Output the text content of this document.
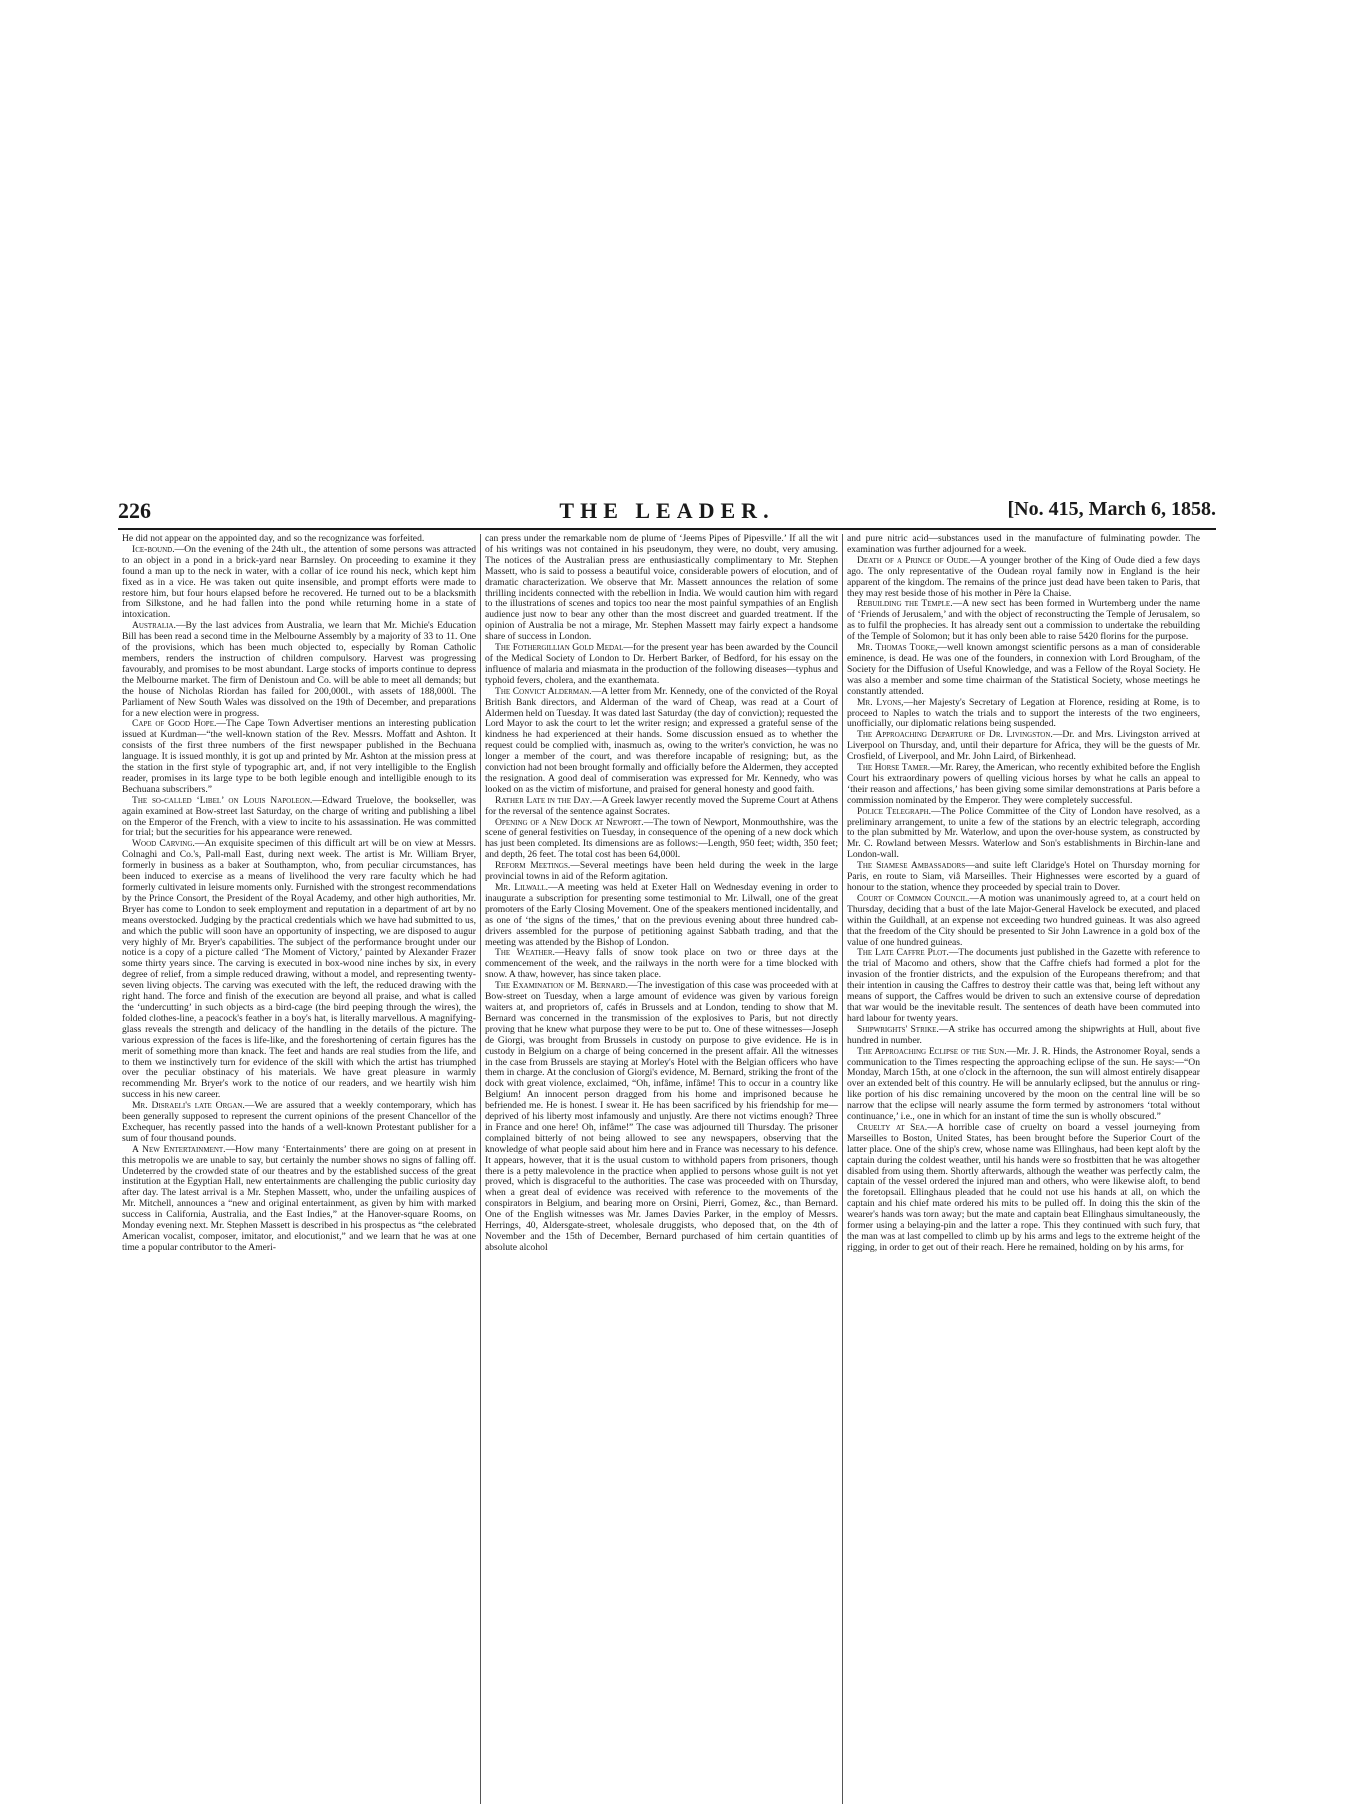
226	THE LEADER.	[No. 415, March 6, 1858.

He did not appear on the appointed day, and so the recognizance was forfeited.

Ice-bound.—On the evening of the 24th ult., the attention of some persons was attracted to an object in a pond in a brick-yard near Barnsley. On proceeding to examine it they found a man up to the neck in water, with a collar of ice round his neck, which kept him fixed as in a vice. He was taken out quite insensible, and prompt efforts were made to restore him, but four hours elapsed before he recovered. He turned out to be a blacksmith from Silkstone, and he had fallen into the pond while returning home in a state of intoxication.

Australia.—By the last advices from Australia, we learn that Mr. Michie's Education Bill has been read a second time in the Melbourne Assembly by a majority of 33 to 11. One of the provisions, which has been much objected to, especially by Roman Catholic members, renders the instruction of children compulsory. Harvest was progressing favourably, and promises to be most abundant. Large stocks of imports continue to depress the Melbourne market. The firm of Denistoun and Co. will be able to meet all demands; but the house of Nicholas Riordan has failed for 200,000l., with assets of 188,000l. The Parliament of New South Wales was dissolved on the 19th of December, and preparations for a new election were in progress.

Cape of Good Hope.—The Cape Town Advertiser mentions an interesting publication issued at Kurdman—“the well-known station of the Rev. Messrs. Moffatt and Ashton. It consists of the first three numbers of the first newspaper published in the Bechuana language. It is issued monthly, it is got up and printed by Mr. Ashton at the mission press at the station in the first style of typographic art, and, if not very intelligible to the English reader, promises in its large type to be both legible enough and intelligible enough to its Bechuana subscribers.”

The so-called ‘Libel’ on Louis Napoleon.—Edward Truelove, the bookseller, was again examined at Bow-street last Saturday, on the charge of writing and publishing a libel on the Emperor of the French, with a view to incite to his assassination. He was committed for trial; but the securities for his appearance were renewed.

Wood Carving.—An exquisite specimen of this difficult art will be on view at Messrs. Colnaghi and Co.'s, Pall-mall East, during next week. The artist is Mr. William Bryer, formerly in business as a baker at Southampton, who, from peculiar circumstances, has been induced to exercise as a means of livelihood the very rare faculty which he had formerly cultivated in leisure moments only. Furnished with the strongest recommendations by the Prince Consort, the President of the Royal Academy, and other high authorities, Mr. Bryer has come to London to seek employment and reputation in a department of art by no means overstocked. Judging by the practical credentials which we have had submitted to us, and which the public will soon have an opportunity of inspecting, we are disposed to augur very highly of Mr. Bryer's capabilities. The subject of the performance brought under our notice is a copy of a picture called ‘The Moment of Victory,’ painted by Alexander Frazer some thirty years since. The carving is executed in box-wood nine inches by six, in every degree of relief, from a simple reduced drawing, without a model, and representing twenty-seven living objects. The carving was executed with the left, the reduced drawing with the right hand. The force and finish of the execution are beyond all praise, and what is called the ‘undercutting’ in such objects as a bird-cage (the bird peeping through the wires), the folded clothes-line, a peacock's feather in a boy's hat, is literally marvellous. A magnifying-glass reveals the strength and delicacy of the handling in the details of the picture. The various expression of the faces is life-like, and the foreshortening of certain figures has the merit of something more than knack. The feet and hands are real studies from the life, and to them we instinctively turn for evidence of the skill with which the artist has triumphed over the peculiar obstinacy of his materials. We have great pleasure in warmly recommending Mr. Bryer's work to the notice of our readers, and we heartily wish him success in his new career.

Mr. Disraeli's late Organ.—We are assured that a weekly contemporary, which has been generally supposed to represent the current opinions of the present Chancellor of the Exchequer, has recently passed into the hands of a well-known Protestant publisher for a sum of four thousand pounds.

A New Entertainment.—How many ‘Entertainments’ there are going on at present in this metropolis we are unable to say, but certainly the number shows no signs of falling off. Undeterred by the crowded state of our theatres and by the established success of the great institution at the Egyptian Hall, new entertainments are challenging the public curiosity day after day. The latest arrival is a Mr. Stephen Massett, who, under the unfailing auspices of Mr. Mitchell, announces a “new and original entertainment, as given by him with marked success in California, Australia, and the East Indies,” at the Hanover-square Rooms, on Monday evening next. Mr. Stephen Massett is described in his prospectus as “the celebrated American vocalist, composer, imitator, and elocutionist,” and we learn that he was at one time a popular contributor to the Ameri-

can press under the remarkable nom de plume of ‘Jeems Pipes of Pipesville.’ If all the wit of his writings was not contained in his pseudonym, they were, no doubt, very amusing. The notices of the Australian press are enthusiastically complimentary to Mr. Stephen Massett, who is said to possess a beautiful voice, considerable powers of elocution, and of dramatic characterization. We observe that Mr. Massett announces the relation of some thrilling incidents connected with the rebellion in India. We would caution him with regard to the illustrations of scenes and topics too near the most painful sympathies of an English audience just now to bear any other than the most discreet and guarded treatment. If the opinion of Australia be not a mirage, Mr. Stephen Massett may fairly expect a handsome share of success in London.

The Fothergillian Gold Medal—for the present year has been awarded by the Council of the Medical Society of London to Dr. Herbert Barker, of Bedford, for his essay on the influence of malaria and miasmata in the production of the following diseases—typhus and typhoid fevers, cholera, and the exanthemata.

The Convict Alderman.—A letter from Mr. Kennedy, one of the convicted of the Royal British Bank directors, and Alderman of the ward of Cheap, was read at a Court of Aldermen held on Tuesday. It was dated last Saturday (the day of conviction); requested the Lord Mayor to ask the court to let the writer resign; and expressed a grateful sense of the kindness he had experienced at their hands. Some discussion ensued as to whether the request could be complied with, inasmuch as, owing to the writer's conviction, he was no longer a member of the court, and was therefore incapable of resigning; but, as the conviction had not been brought formally and officially before the Aldermen, they accepted the resignation. A good deal of commiseration was expressed for Mr. Kennedy, who was looked on as the victim of misfortune, and praised for general honesty and good faith.

Rather Late in the Day.—A Greek lawyer recently moved the Supreme Court at Athens for the reversal of the sentence against Socrates.

Opening of a New Dock at Newport.—The town of Newport, Monmouthshire, was the scene of general festivities on Tuesday, in consequence of the opening of a new dock which has just been completed. Its dimensions are as follows:—Length, 950 feet; width, 350 feet; and depth, 26 feet. The total cost has been 64,000l.

Reform Meetings.—Several meetings have been held during the week in the large provincial towns in aid of the Reform agitation.

Mr. Lilwall.—A meeting was held at Exeter Hall on Wednesday evening in order to inaugurate a subscription for presenting some testimonial to Mr. Lilwall, one of the great promoters of the Early Closing Movement. One of the speakers mentioned incidentally, and as one of ‘the signs of the times,’ that on the previous evening about three hundred cab-drivers assembled for the purpose of petitioning against Sabbath trading, and that the meeting was attended by the Bishop of London.

The Weather.—Heavy falls of snow took place on two or three days at the commencement of the week, and the railways in the north were for a time blocked with snow. A thaw, however, has since taken place.

The Examination of M. Bernard.—The investigation of this case was proceeded with at Bow-street on Tuesday, when a large amount of evidence was given by various foreign waiters at, and proprietors of, cafés in Brussels and at London, tending to show that M. Bernard was concerned in the transmission of the explosives to Paris, but not directly proving that he knew what purpose they were to be put to. One of these witnesses—Joseph de Giorgi, was brought from Brussels in custody on purpose to give evidence. He is in custody in Belgium on a charge of being concerned in the present affair. All the witnesses in the case from Brussels are staying at Morley's Hotel with the Belgian officers who have them in charge. At the conclusion of Giorgi's evidence, M. Bernard, striking the front of the dock with great violence, exclaimed, “Oh, infâme, infâme! This to occur in a country like Belgium! An innocent person dragged from his home and imprisoned because he befriended me. He is honest. I swear it. He has been sacrificed by his friendship for me—deprived of his liberty most infamously and unjustly. Are there not victims enough? Three in France and one here! Oh, infâme!” The case was adjourned till Thursday. The prisoner complained bitterly of not being allowed to see any newspapers, observing that the knowledge of what people said about him here and in France was necessary to his defence. It appears, however, that it is the usual custom to withhold papers from prisoners, though there is a petty malevolence in the practice when applied to persons whose guilt is not yet proved, which is disgraceful to the authorities. The case was proceeded with on Thursday, when a great deal of evidence was received with reference to the movements of the conspirators in Belgium, and bearing more on Orsini, Pierri, Gomez, &c., than Bernard. One of the English witnesses was Mr. James Davies Parker, in the employ of Messrs. Herrings, 40, Aldersgate-street, wholesale druggists, who deposed that, on the 4th of November and the 15th of December, Bernard purchased of him certain quantities of absolute alcohol

and pure nitric acid—substances used in the manufacture of fulminating powder. The examination was further adjourned for a week.

Death of a Prince of Oude.—A younger brother of the King of Oude died a few days ago. The only representative of the Oudean royal family now in England is the heir apparent of the kingdom. The remains of the prince just dead have been taken to Paris, that they may rest beside those of his mother in Père la Chaise.

Rebuilding the Temple.—A new sect has been formed in Wurtemberg under the name of ‘Friends of Jerusalem,’ and with the object of reconstructing the Temple of Jerusalem, so as to fulfil the prophecies. It has already sent out a commission to undertake the rebuilding of the Temple of Solomon; but it has only been able to raise 5420 florins for the purpose.

Mr. Thomas Tooke,—well known amongst scientific persons as a man of considerable eminence, is dead. He was one of the founders, in connexion with Lord Brougham, of the Society for the Diffusion of Useful Knowledge, and was a Fellow of the Royal Society. He was also a member and some time chairman of the Statistical Society, whose meetings he constantly attended.

Mr. Lyons,—her Majesty's Secretary of Legation at Florence, residing at Rome, is to proceed to Naples to watch the trials and to support the interests of the two engineers, unofficially, our diplomatic relations being suspended.

The Approaching Departure of Dr. Livingston.—Dr. and Mrs. Livingston arrived at Liverpool on Thursday, and, until their departure for Africa, they will be the guests of Mr. Crosfield, of Liverpool, and Mr. John Laird, of Birkenhead.

The Horse Tamer.—Mr. Rarey, the American, who recently exhibited before the English Court his extraordinary powers of quelling vicious horses by what he calls an appeal to ‘their reason and affections,’ has been giving some similar demonstrations at Paris before a commission nominated by the Emperor. They were completely successful.

Police Telegraph.—The Police Committee of the City of London have resolved, as a preliminary arrangement, to unite a few of the stations by an electric telegraph, according to the plan submitted by Mr. Waterlow, and upon the over-house system, as constructed by Mr. C. Rowland between Messrs. Waterlow and Son's establishments in Birchin-lane and London-wall.

The Siamese Ambassadors—and suite left Claridge's Hotel on Thursday morning for Paris, en route to Siam, viâ Marseilles. Their Highnesses were escorted by a guard of honour to the station, whence they proceeded by special train to Dover.

Court of Common Council.—A motion was unanimously agreed to, at a court held on Thursday, deciding that a bust of the late Major-General Havelock be executed, and placed within the Guildhall, at an expense not exceeding two hundred guineas. It was also agreed that the freedom of the City should be presented to Sir John Lawrence in a gold box of the value of one hundred guineas.

The Late Caffre Plot.—The documents just published in the Gazette with reference to the trial of Macomo and others, show that the Caffre chiefs had formed a plot for the invasion of the frontier districts, and the expulsion of the Europeans therefrom; and that their intention in causing the Caffres to destroy their cattle was that, being left without any means of support, the Caffres would be driven to such an extensive course of depredation that war would be the inevitable result. The sentences of death have been commuted into hard labour for twenty years.

Shipwrights' Strike.—A strike has occurred among the shipwrights at Hull, about five hundred in number.

The Approaching Eclipse of the Sun.—Mr. J. R. Hinds, the Astronomer Royal, sends a communication to the Times respecting the approaching eclipse of the sun. He says:—“On Monday, March 15th, at one o'clock in the afternoon, the sun will almost entirely disappear over an extended belt of this country. He will be annularly eclipsed, but the annulus or ring-like portion of his disc remaining uncovered by the moon on the central line will be so narrow that the eclipse will nearly assume the form termed by astronomers ‘total without continuance,’ i.e., one in which for an instant of time the sun is wholly obscured.”

Cruelty at Sea.—A horrible case of cruelty on board a vessel journeying from Marseilles to Boston, United States, has been brought before the Superior Court of the latter place. One of the ship's crew, whose name was Ellinghaus, had been kept aloft by the captain during the coldest weather, until his hands were so frostbitten that he was altogether disabled from using them. Shortly afterwards, although the weather was perfectly calm, the captain of the vessel ordered the injured man and others, who were likewise aloft, to bend the foretopsail. Ellinghaus pleaded that he could not use his hands at all, on which the captain and his chief mate ordered his mits to be pulled off. In doing this the skin of the wearer's hands was torn away; but the mate and captain beat Ellinghaus simultaneously, the former using a belaying-pin and the latter a rope. This they continued with such fury, that the man was at last compelled to climb up by his arms and legs to the extreme height of the rigging, in order to get out of their reach. Here he remained, holding on by his arms, for
